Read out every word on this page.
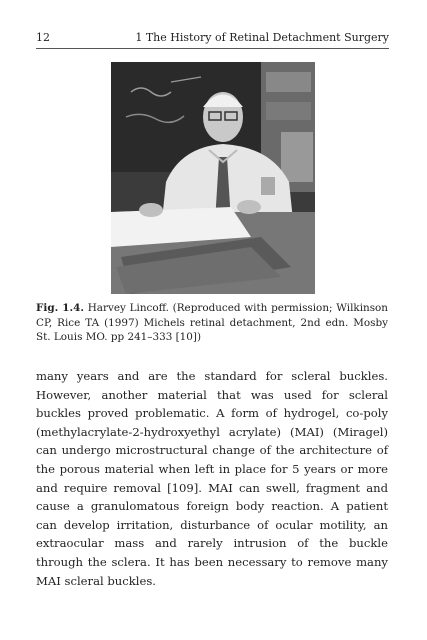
12	1 The History of Retinal Detachment Surgery
Fig. 1.4. Harvey Lincoff. (Reproduced with permission; Wilkinson CP, Rice TA (1997) Michels retinal detachment, 2nd edn. Mosby St. Louis MO. pp 241–333 [10])
many years and are the standard for scleral buckles. However, another material that was used for scleral buckles proved problematic. A form of hydrogel, co-poly (methylacrylate-2-hydroxyethyl acrylate) (MAI) (Miragel) can undergo microstructural change of the architecture of the porous material when left in place for 5 years or more and require removal [109]. MAI can swell, fragment and cause a granulomatous foreign body reaction. A patient can develop irritation, disturbance of ocular motility, an extraocular mass and rarely intrusion of the buckle through the sclera. It has been necessary to remove many MAI scleral buckles.
